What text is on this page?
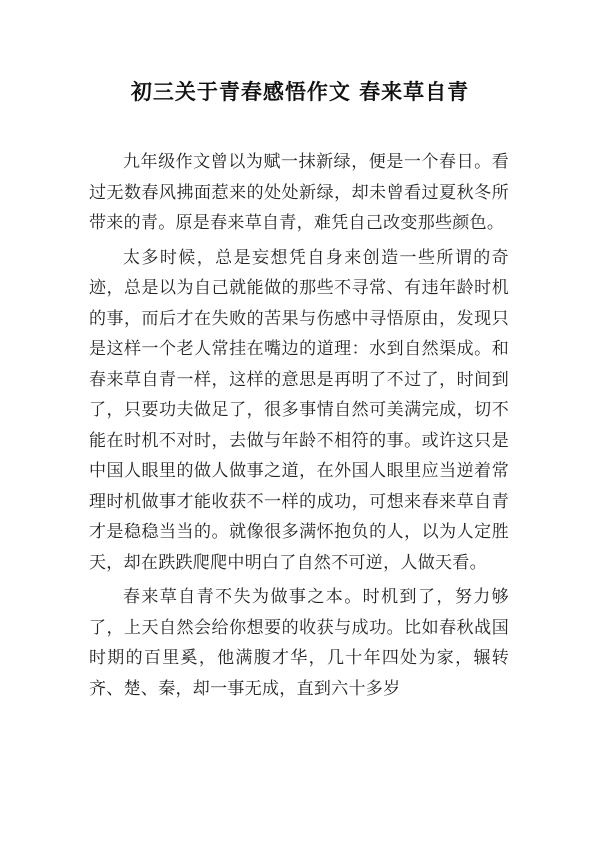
初三关于青春感悟作文 春来草自青

九年级作文曾以为赋一抹新绿，便是一个春日。看过无数春风拂面惹来的处处新绿，却未曾看过夏秋冬所带来的青。原是春来草自青，难凭自己改变那些颜色。

太多时候，总是妄想凭自身来创造一些所谓的奇迹，总是以为自己就能做的那些不寻常、有违年龄时机的事，而后才在失败的苦果与伤感中寻悟原由，发现只是这样一个老人常挂在嘴边的道理：水到自然渠成。和春来草自青一样，这样的意思是再明了不过了，时间到了，只要功夫做足了，很多事情自然可美满完成，切不能在时机不对时，去做与年龄不相符的事。或许这只是中国人眼里的做人做事之道，在外国人眼里应当逆着常理时机做事才能收获不一样的成功，可想来春来草自青才是稳稳当当的。就像很多满怀抱负的人，以为人定胜天，却在跌跌爬爬中明白了自然不可逆，人做天看。

春来草自青不失为做事之本。时机到了，努力够了，上天自然会给你想要的收获与成功。比如春秋战国时期的百里奚，他满腹才华，几十年四处为家，辗转齐、楚、秦，却一事无成，直到六十多岁
